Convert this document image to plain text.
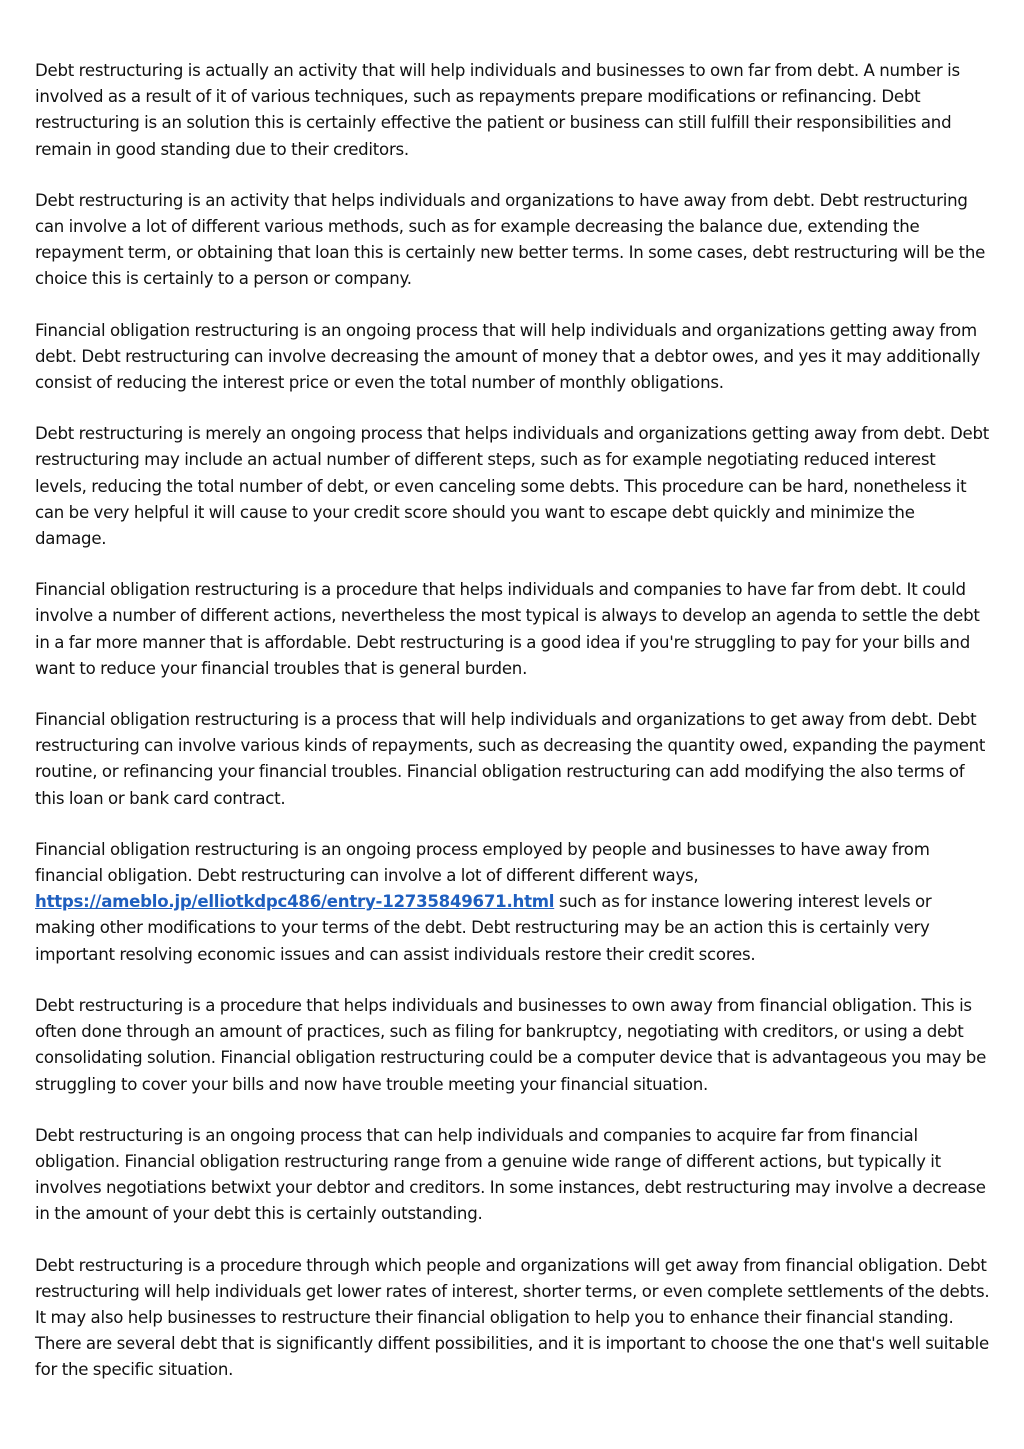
Debt restructuring is actually an activity that will help individuals and businesses to own far from debt. A number is involved as a result of it of various techniques, such as repayments prepare modifications or refinancing. Debt restructuring is an solution this is certainly effective the patient or business can still fulfill their responsibilities and remain in good standing due to their creditors.

Debt restructuring is an activity that helps individuals and organizations to have away from debt. Debt restructuring can involve a lot of different various methods, such as for example decreasing the balance due, extending the repayment term, or obtaining that loan this is certainly new better terms. In some cases, debt restructuring will be the choice this is certainly to a person or company.

Financial obligation restructuring is an ongoing process that will help individuals and organizations getting away from debt. Debt restructuring can involve decreasing the amount of money that a debtor owes, and yes it may additionally consist of reducing the interest price or even the total number of monthly obligations.

Debt restructuring is merely an ongoing process that helps individuals and organizations getting away from debt. Debt restructuring may include an actual number of different steps, such as for example negotiating reduced interest levels, reducing the total number of debt, or even canceling some debts. This procedure can be hard, nonetheless it can be very helpful it will cause to your credit score should you want to escape debt quickly and minimize the damage.

Financial obligation restructuring is a procedure that helps individuals and companies to have far from debt. It could involve a number of different actions, nevertheless the most typical is always to develop an agenda to settle the debt in a far more manner that is affordable. Debt restructuring is a good idea if you're struggling to pay for your bills and want to reduce your financial troubles that is general burden.

Financial obligation restructuring is a process that will help individuals and organizations to get away from debt. Debt restructuring can involve various kinds of repayments, such as decreasing the quantity owed, expanding the payment routine, or refinancing your financial troubles. Financial obligation restructuring can add modifying the also terms of this loan or bank card contract.

Financial obligation restructuring is an ongoing process employed by people and businesses to have away from financial obligation. Debt restructuring can involve a lot of different different ways, https://ameblo.jp/elliotkdpc486/entry-12735849671.html such as for instance lowering interest levels or making other modifications to your terms of the debt. Debt restructuring may be an action this is certainly very important resolving economic issues and can assist individuals restore their credit scores.

Debt restructuring is a procedure that helps individuals and businesses to own away from financial obligation. This is often done through an amount of practices, such as filing for bankruptcy, negotiating with creditors, or using a debt consolidating solution. Financial obligation restructuring could be a computer device that is advantageous you may be struggling to cover your bills and now have trouble meeting your financial situation.

Debt restructuring is an ongoing process that can help individuals and companies to acquire far from financial obligation. Financial obligation restructuring range from a genuine wide range of different actions, but typically it involves negotiations betwixt your debtor and creditors. In some instances, debt restructuring may involve a decrease in the amount of your debt this is certainly outstanding.

Debt restructuring is a procedure through which people and organizations will get away from financial obligation. Debt restructuring will help individuals get lower rates of interest, shorter terms, or even complete settlements of the debts. It may also help businesses to restructure their financial obligation to help you to enhance their financial standing. There are several debt that is significantly diffent possibilities, and it is important to choose the one that's well suitable for the specific situation.
